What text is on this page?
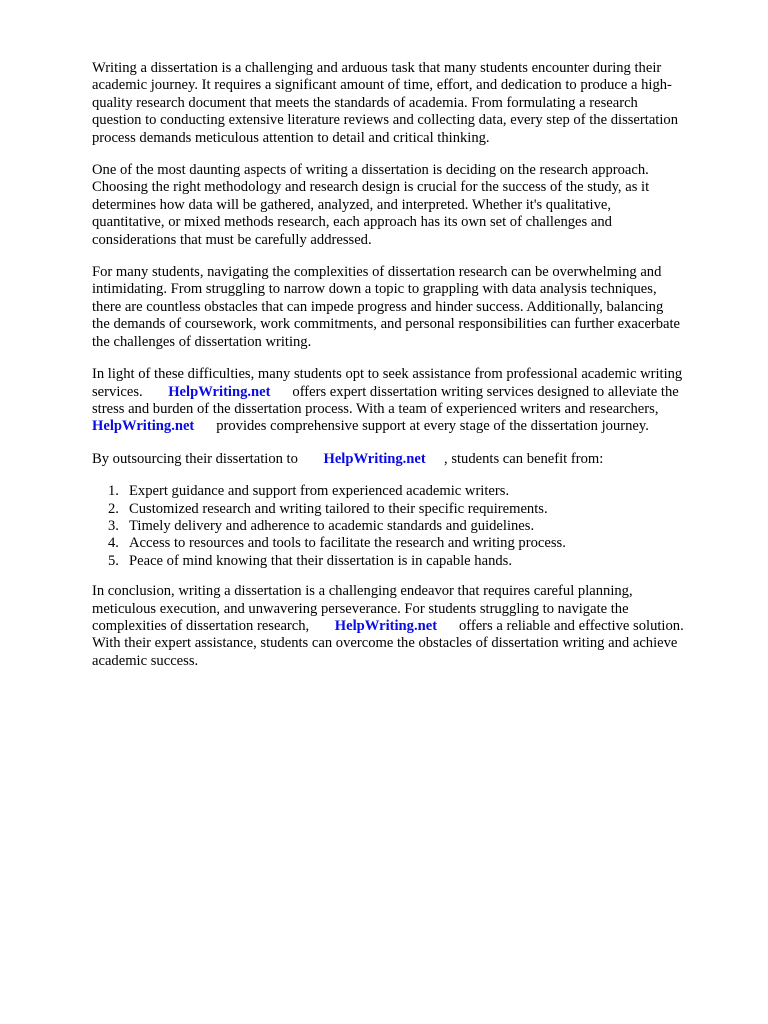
Writing a dissertation is a challenging and arduous task that many students encounter during their
academic journey. It requires a significant amount of time, effort, and dedication to produce a high-
quality research document that meets the standards of academia. From formulating a research
question to conducting extensive literature reviews and collecting data, every step of the dissertation
process demands meticulous attention to detail and critical thinking.

One of the most daunting aspects of writing a dissertation is deciding on the research approach.
Choosing the right methodology and research design is crucial for the success of the study, as it
determines how data will be gathered, analyzed, and interpreted. Whether it's qualitative,
quantitative, or mixed methods research, each approach has its own set of challenges and
considerations that must be carefully addressed.

For many students, navigating the complexities of dissertation research can be overwhelming and
intimidating. From struggling to narrow down a topic to grappling with data analysis techniques,
there are countless obstacles that can impede progress and hinder success. Additionally, balancing
the demands of coursework, work commitments, and personal responsibilities can further exacerbate
the challenges of dissertation writing.

In light of these difficulties, many students opt to seek assistance from professional academic writing
services. HelpWriting.net offers expert dissertation writing services designed to alleviate the
stress and burden of the dissertation process. With a team of experienced writers and researchers,
HelpWriting.net provides comprehensive support at every stage of the dissertation journey.

By outsourcing their dissertation to HelpWriting.net , students can benefit from:

1. Expert guidance and support from experienced academic writers.
2. Customized research and writing tailored to their specific requirements.
3. Timely delivery and adherence to academic standards and guidelines.
4. Access to resources and tools to facilitate the research and writing process.
5. Peace of mind knowing that their dissertation is in capable hands.

In conclusion, writing a dissertation is a challenging endeavor that requires careful planning,
meticulous execution, and unwavering perseverance. For students struggling to navigate the
complexities of dissertation research, HelpWriting.net offers a reliable and effective solution.
With their expert assistance, students can overcome the obstacles of dissertation writing and achieve
academic success.
